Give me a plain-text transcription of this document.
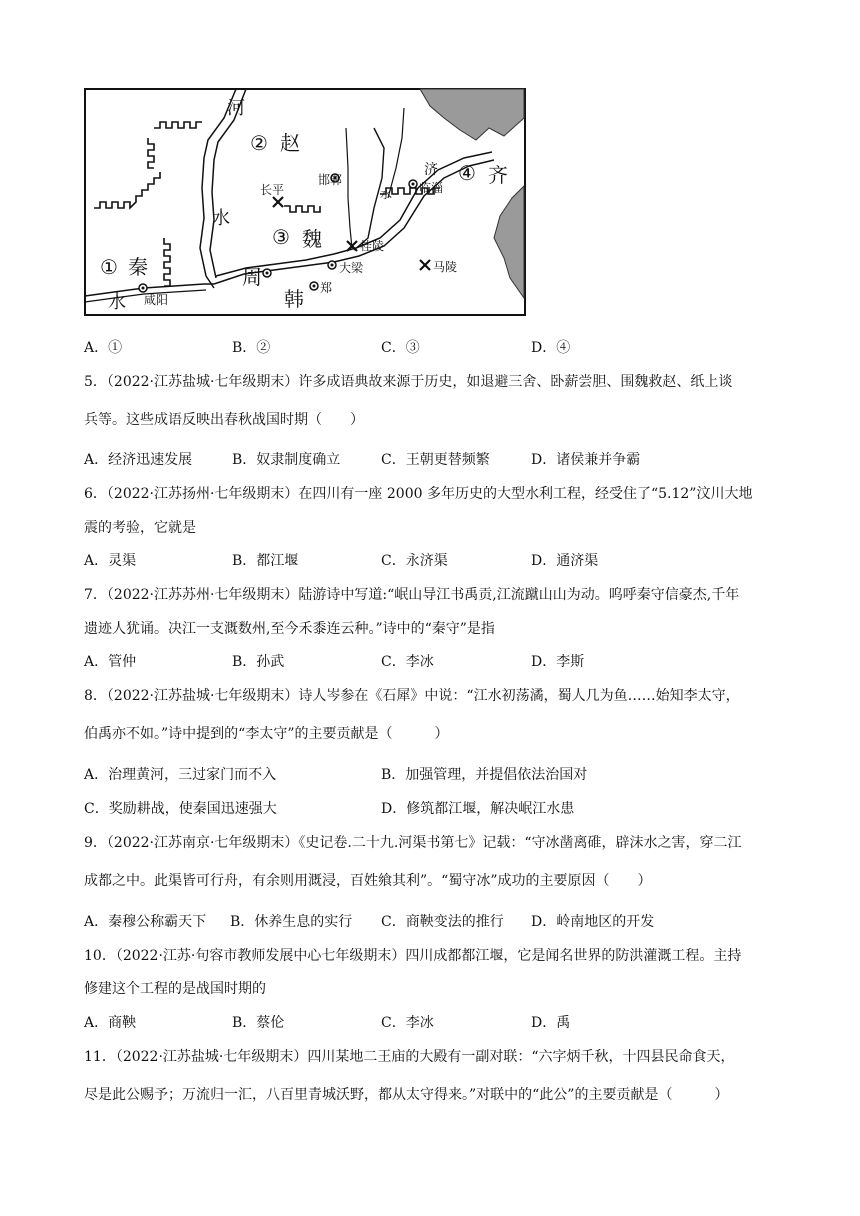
河
② 赵
邯郸
长平
水
水
济
临淄
④ 齐
③ 魏	桂陵
大梁	马陵
① 秦	周
韩 郑
水 咸阳
A．①	B．②	C．③	D．④
5．（2022·江苏盐城·七年级期末）许多成语典故来源于历史，如退避三舍、卧薪尝胆、围魏救赵、纸上谈
兵等。这些成语反映出春秋战国时期（　　）
A．经济迅速发展	B．奴隶制度确立	C．王朝更替频繁	D．诸侯兼并争霸
6．（2022·江苏扬州·七年级期末）在四川有一座 2000 多年历史的大型水利工程，经受住了“5.12”汶川大地
震的考验，它就是
A．灵渠	B．都江堰	C．永济渠	D．通济渠
7．（2022·江苏苏州·七年级期末）陆游诗中写道:“岷山导江书禹贡,江流蹴山山为动。呜呼秦守信豪杰,千年
遗迹人犹诵。决江一支溉数州,至今禾黍连云种。”诗中的“秦守”是指
A．管仲	B．孙武	C．李冰	D．李斯
8．（2022·江苏盐城·七年级期末）诗人岑参在《石犀》中说：“江水初荡潏，蜀人几为鱼……始知李太守，
伯禹亦不如。”诗中提到的“李太守”的主要贡献是（　　　）
A．治理黄河，三过家门而不入	B．加强管理，并提倡依法治国对
C．奖励耕战，使秦国迅速强大	D．修筑都江堰，解决岷江水患
9．（2022·江苏南京·七年级期末）《史记卷.二十九.河渠书第七》记载：“守冰凿离碓，辟沫水之害，穿二江
成都之中。此渠皆可行舟，有余则用溉浸，百姓飨其利”。“蜀守冰”成功的主要原因（　　）
A．秦穆公称霸天下 B．休养生息的实行 C．商鞅变法的推行 D．岭南地区的开发
10．（2022·江苏·句容市教师发展中心七年级期末）四川成都都江堰，它是闻名世界的防洪灌溉工程。主持
修建这个工程的是战国时期的
A．商鞅	B．蔡伦	C．李冰	D．禹
11．（2022·江苏盐城·七年级期末）四川某地二王庙的大殿有一副对联：“六字炳千秋，十四县民命食天，
尽是此公赐予；万流归一汇，八百里青城沃野，都从太守得来。”对联中的“此公”的主要贡献是（　　　）
